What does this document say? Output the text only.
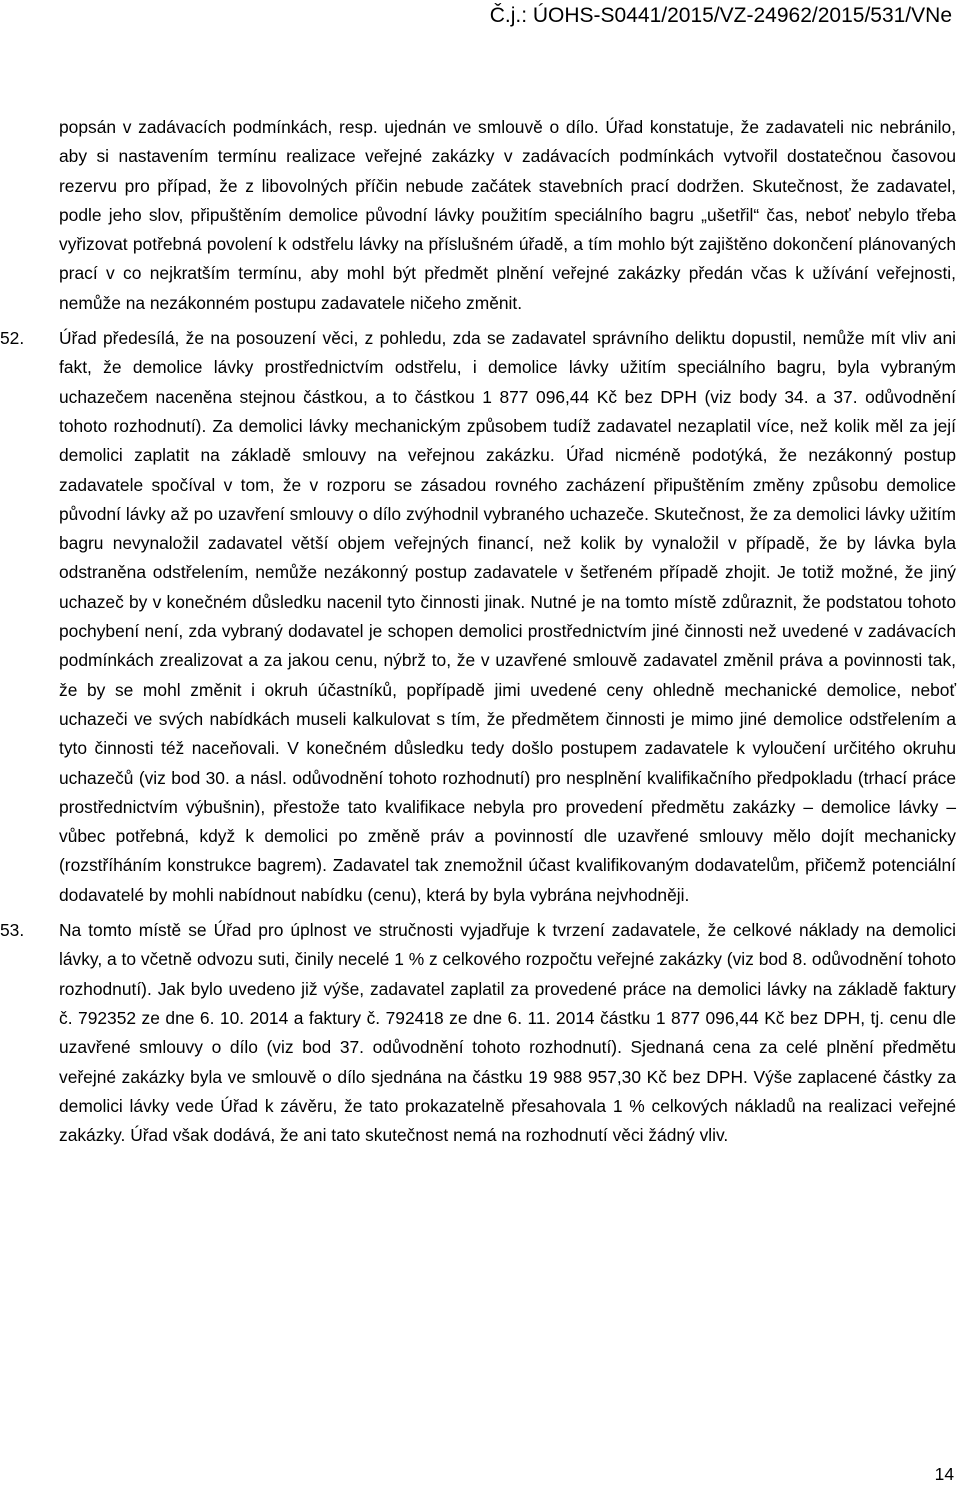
Č.j.: ÚOHS-S0441/2015/VZ-24962/2015/531/VNe

popsán v zadávacích podmínkách, resp. ujednán ve smlouvě o dílo. Úřad konstatuje, že zadavateli nic nebránilo, aby si nastavením termínu realizace veřejné zakázky v zadávacích podmínkách vytvořil dostatečnou časovou rezervu pro případ, že z libovolných příčin nebude začátek stavebních prací dodržen. Skutečnost, že zadavatel, podle jeho slov, připuštěním demolice původní lávky použitím speciálního bagru „ušetřil“ čas, neboť nebylo třeba vyřizovat potřebná povolení k odstřelu lávky na příslušném úřadě, a tím mohlo být zajištěno dokončení plánovaných prací v co nejkratším termínu, aby mohl být předmět plnění veřejné zakázky předán včas k užívání veřejnosti, nemůže na nezákonném postupu zadavatele ničeho změnit.

52.	Úřad předesílá, že na posouzení věci, z pohledu, zda se zadavatel správního deliktu dopustil, nemůže mít vliv ani fakt, že demolice lávky prostřednictvím odstřelu, i demolice lávky užitím speciálního bagru, byla vybraným uchazečem naceněna stejnou částkou, a to částkou 1 877 096,44 Kč bez DPH (viz body 34. a 37. odůvodnění tohoto rozhodnutí). Za demolici lávky mechanickým způsobem tudíž zadavatel nezaplatil více, než kolik měl za její demolici zaplatit na základě smlouvy na veřejnou zakázku. Úřad nicméně podotýká, že nezákonný postup zadavatele spočíval v tom, že v rozporu se zásadou rovného zacházení připuštěním změny způsobu demolice původní lávky až po uzavření smlouvy o dílo zvýhodnil vybraného uchazeče. Skutečnost, že za demolici lávky užitím bagru nevynaložil zadavatel větší objem veřejných financí, než kolik by vynaložil v případě, že by lávka byla odstraněna odstřelením, nemůže nezákonný postup zadavatele v šetřeném případě zhojit. Je totiž možné, že jiný uchazeč by v konečném důsledku nacenil tyto činnosti jinak. Nutné je na tomto místě zdůraznit, že podstatou tohoto pochybení není, zda vybraný dodavatel je schopen demolici prostřednictvím jiné činnosti než uvedené v zadávacích podmínkách zrealizovat a za jakou cenu, nýbrž to, že v uzavřené smlouvě zadavatel změnil práva a povinnosti tak, že by se mohl změnit i okruh účastníků, popřípadě jimi uvedené ceny ohledně mechanické demolice, neboť uchazeči ve svých nabídkách museli kalkulovat s tím, že předmětem činnosti je mimo jiné demolice odstřelením a tyto činnosti též naceňovali. V konečném důsledku tedy došlo postupem zadavatele k vyloučení určitého okruhu uchazečů (viz bod 30. a násl. odůvodnění tohoto rozhodnutí) pro nesplnění kvalifikačního předpokladu (trhací práce prostřednictvím výbušnin), přestože tato kvalifikace nebyla pro provedení předmětu zakázky – demolice lávky – vůbec potřebná, když k demolici po změně práv a povinností dle uzavřené smlouvy mělo dojít mechanicky (rozstříháním konstrukce bagrem). Zadavatel tak znemožnil účast kvalifikovaným dodavatelům, přičemž potenciální dodavatelé by mohli nabídnout nabídku (cenu), která by byla vybrána nejvhodněji.

53.	Na tomto místě se Úřad pro úplnost ve stručnosti vyjadřuje k tvrzení zadavatele, že celkové náklady na demolici lávky, a to včetně odvozu suti, činily necelé 1 % z celkového rozpočtu veřejné zakázky (viz bod 8. odůvodnění tohoto rozhodnutí). Jak bylo uvedeno již výše, zadavatel zaplatil za provedené práce na demolici lávky na základě faktury č. 792352 ze dne 6. 10. 2014 a faktury č. 792418 ze dne 6. 11. 2014 částku 1 877 096,44 Kč bez DPH, tj. cenu dle uzavřené smlouvy o dílo (viz bod 37. odůvodnění tohoto rozhodnutí). Sjednaná cena za celé plnění předmětu veřejné zakázky byla ve smlouvě o dílo sjednána na částku 19 988 957,30 Kč bez DPH. Výše zaplacené částky za demolici lávky vede Úřad k závěru, že tato prokazatelně přesahovala 1 % celkových nákladů na realizaci veřejné zakázky. Úřad však dodává, že ani tato skutečnost nemá na rozhodnutí věci žádný vliv.

14
